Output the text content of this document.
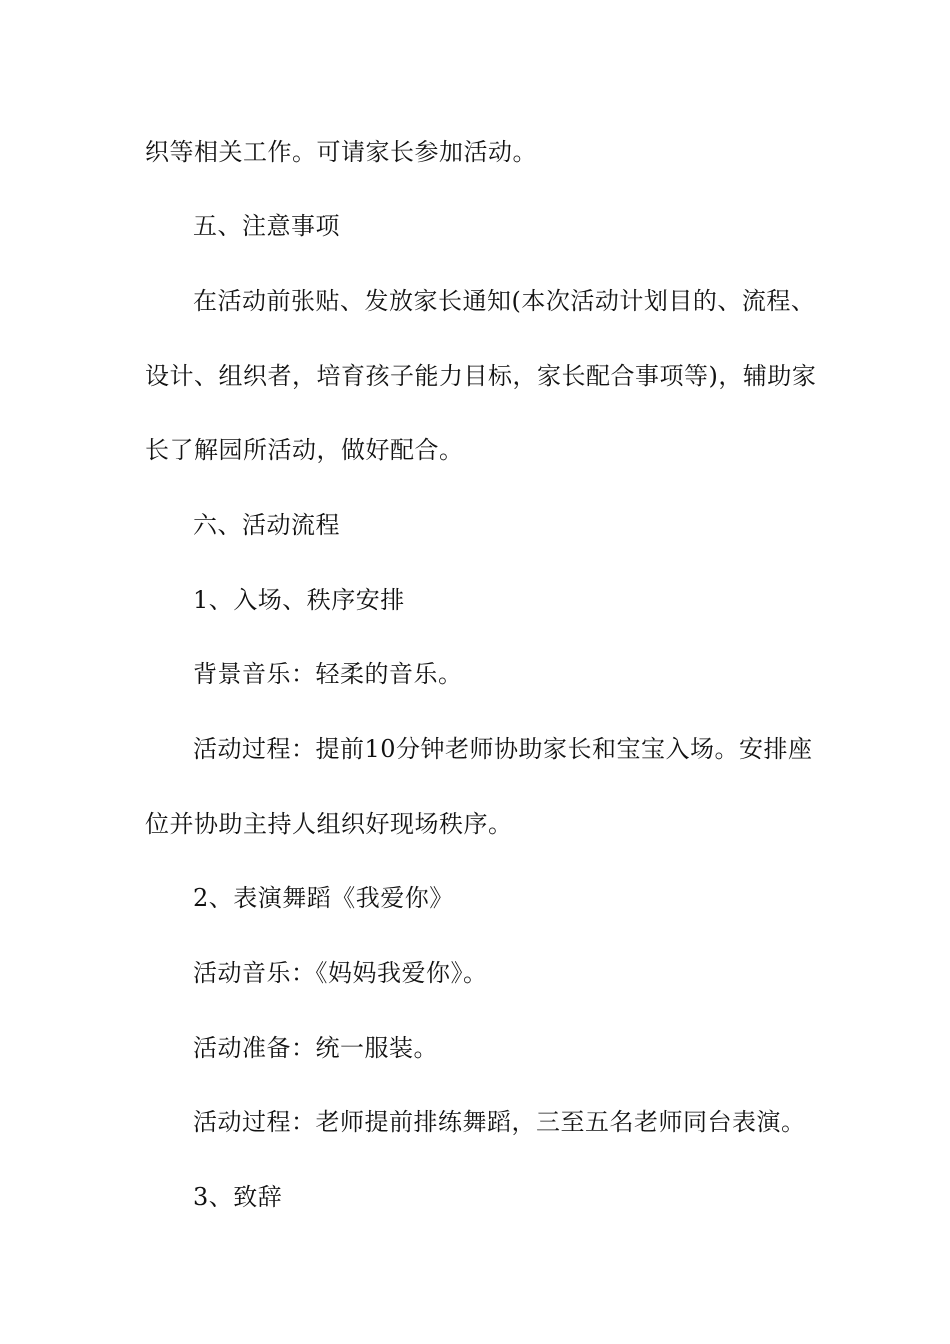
织等相关工作。可请家长参加活动。
五、注意事项
在活动前张贴、发放家长通知(本次活动计划目的、流程、
设计、组织者，培育孩子能力目标，家长配合事项等)，辅助家
长了解园所活动，做好配合。
六、活动流程
1、入场、秩序安排
背景音乐：轻柔的音乐。
活动过程：提前10分钟老师协助家长和宝宝入场。安排座
位并协助主持人组织好现场秩序。
2、表演舞蹈《我爱你》
活动音乐：《妈妈我爱你》。
活动准备：统一服装。
活动过程：老师提前排练舞蹈，三至五名老师同台表演。
3、致辞
